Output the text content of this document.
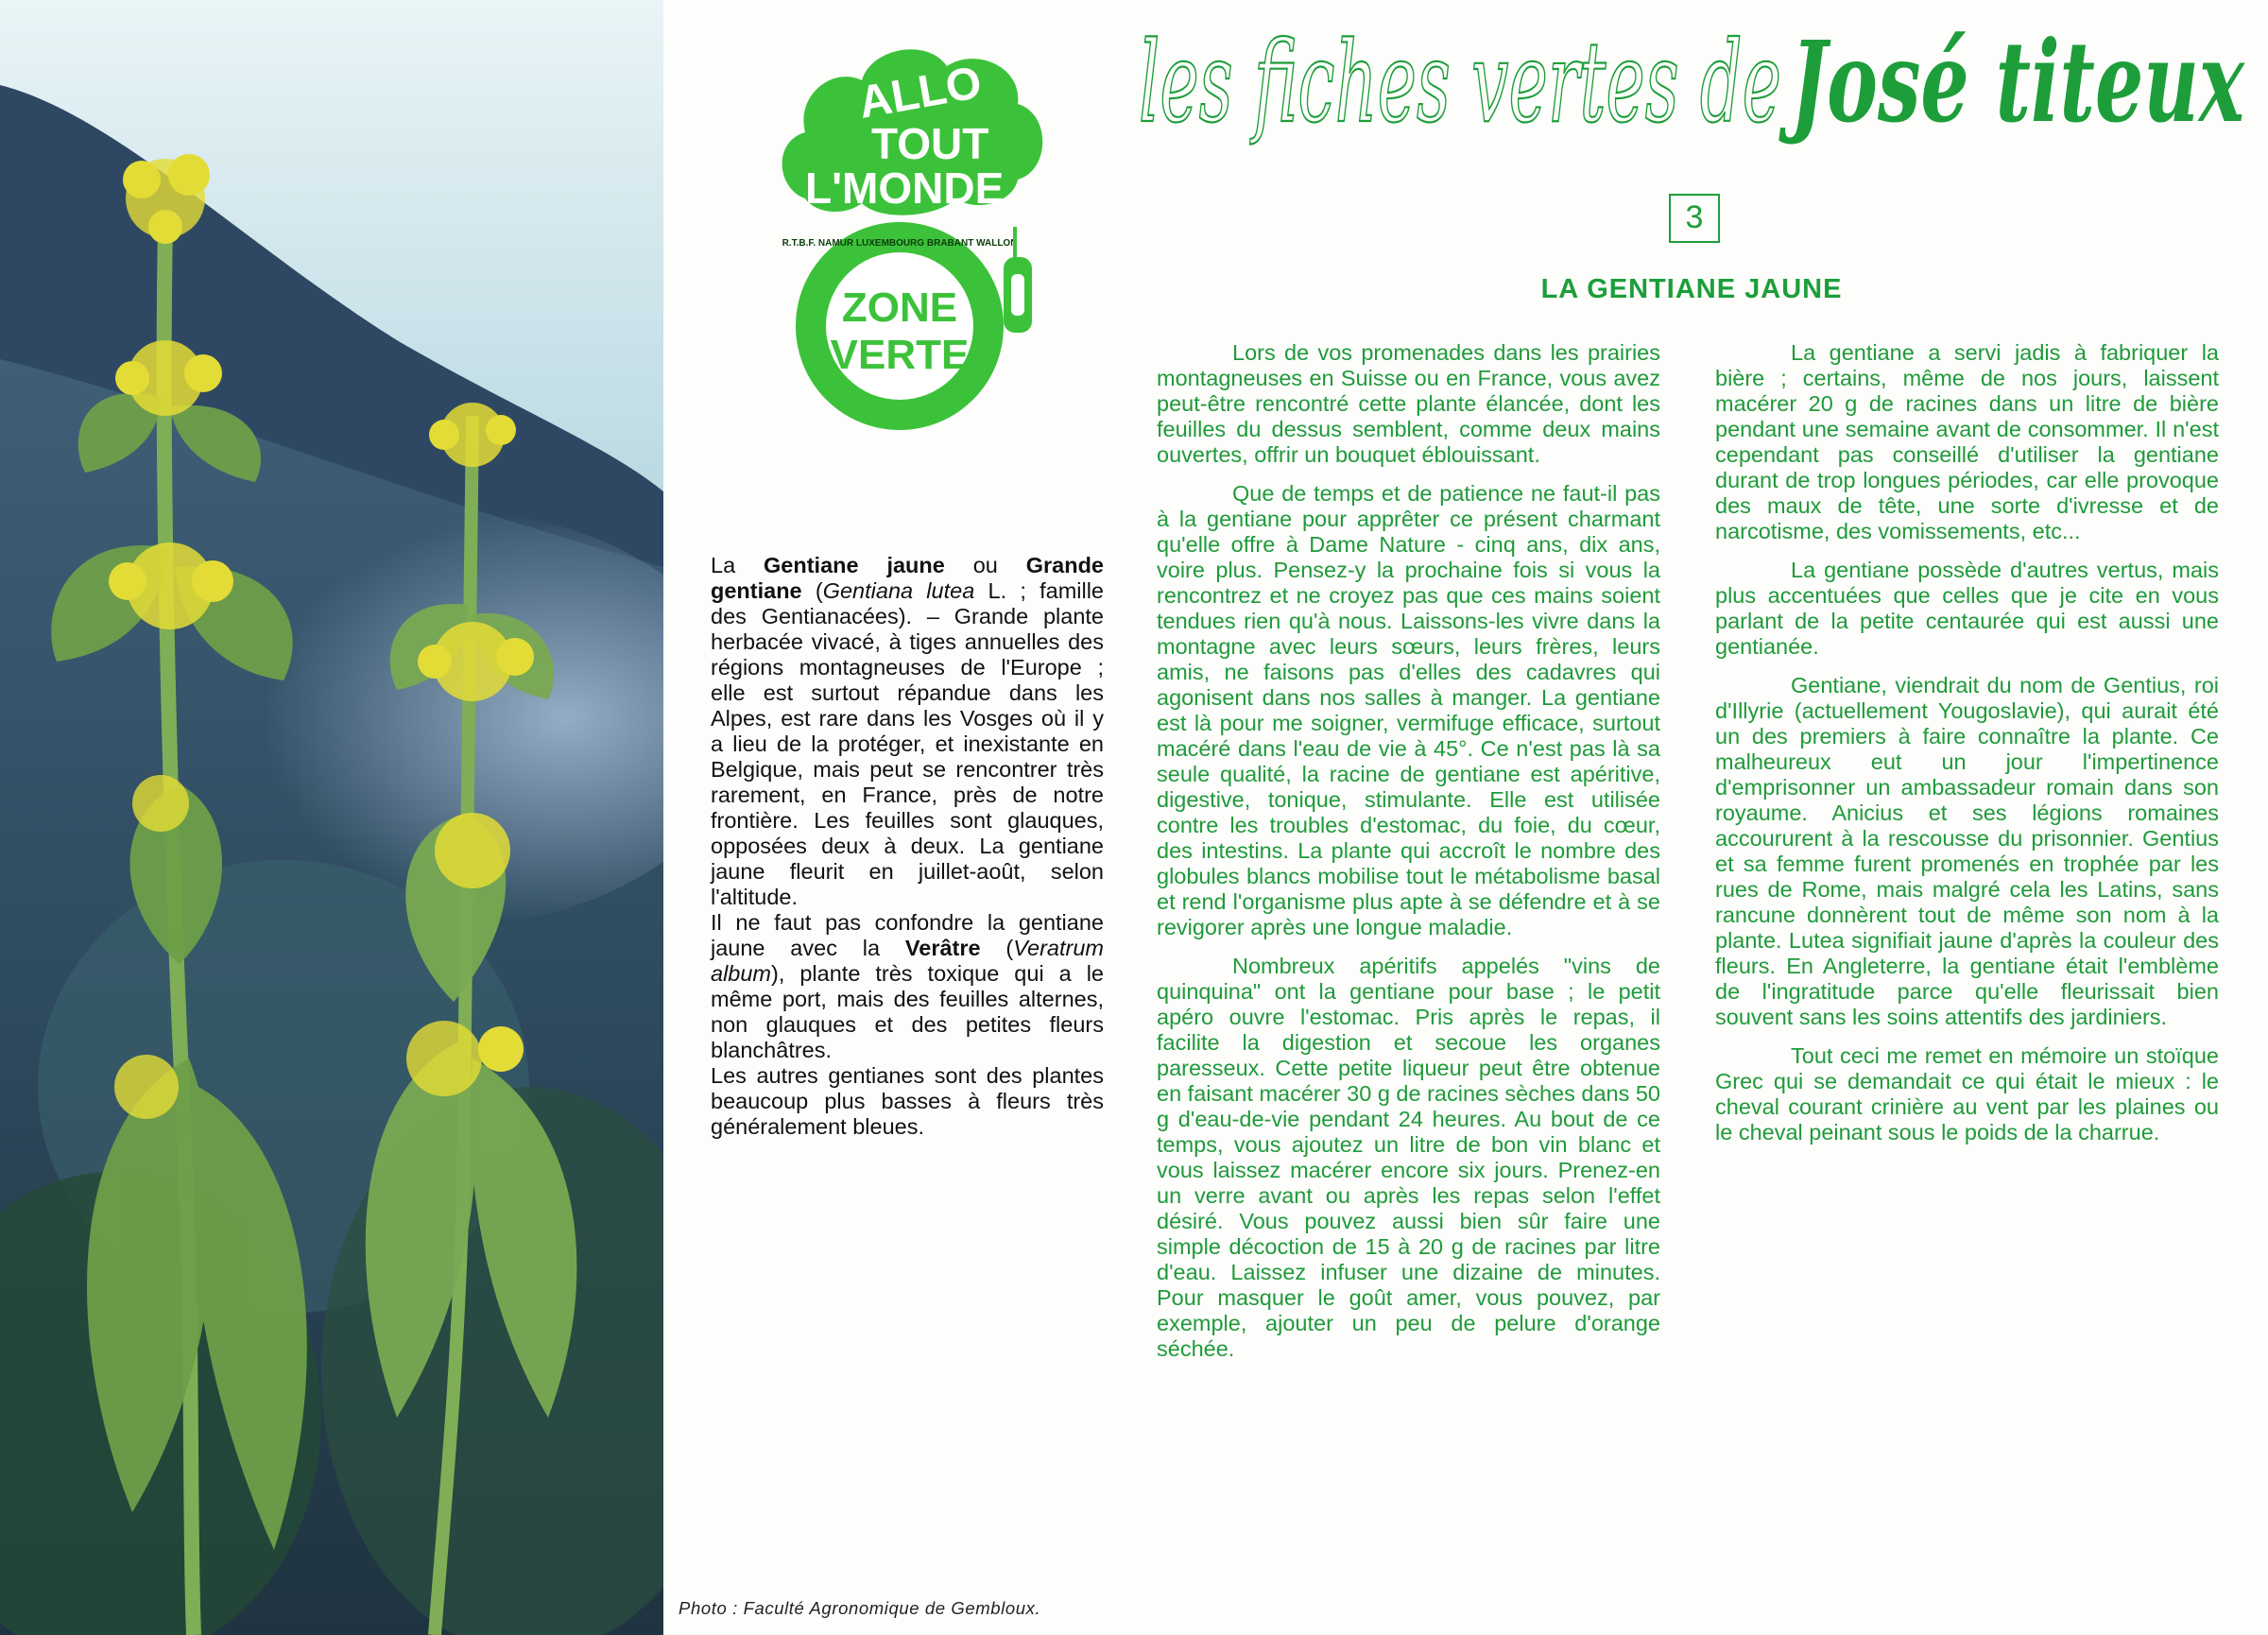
ALLO
TOUT
L'MONDE
R.T.B.F. NAMUR LUXEMBOURG BRABANT WALLON
ZONE
VERTE
les fiches vertes de
José titeux
3
LA GENTIANE JAUNE

La Gentiane jaune ou Grande gentiane (Gentiana lutea L. ; famille des Gentianacées). – Grande plante herbacée vivacé, à tiges annuelles des régions montagneuses de l'Europe ; elle est surtout répandue dans les Alpes, est rare dans les Vosges où il y a lieu de la protéger, et inexistante en Belgique, mais peut se rencontrer très rarement, en France, près de notre frontière. Les feuilles sont glauques, opposées deux à deux. La gentiane jaune fleurit en juillet-août, selon l'altitude.

Il ne faut pas confondre la gentiane jaune avec la Verâtre (Veratrum album), plante très toxique qui a le même port, mais des feuilles alternes, non glauques et des petites fleurs blanchâtres.

Les autres gentianes sont des plantes beaucoup plus basses à fleurs très généralement bleues.

Lors de vos promenades dans les prairies montagneuses en Suisse ou en France, vous avez peut-être rencontré cette plante élancée, dont les feuilles du dessus semblent, comme deux mains ouvertes, offrir un bouquet éblouissant.

Que de temps et de patience ne faut-il pas à la gentiane pour apprêter ce présent charmant qu'elle offre à Dame Nature - cinq ans, dix ans, voire plus. Pensez-y la prochaine fois si vous la rencontrez et ne croyez pas que ces mains soient tendues rien qu'à nous. Laissons-les vivre dans la montagne avec leurs sœurs, leurs frères, leurs amis, ne faisons pas d'elles des cadavres qui agonisent dans nos salles à manger. La gentiane est là pour me soigner, vermifuge efficace, surtout macéré dans l'eau de vie à 45°. Ce n'est pas là sa seule qualité, la racine de gentiane est apéritive, digestive, tonique, stimulante. Elle est utilisée contre les troubles d'estomac, du foie, du cœur, des intestins. La plante qui accroît le nombre des globules blancs mobilise tout le métabolisme basal et rend l'organisme plus apte à se défendre et à se revigorer après une longue maladie.

Nombreux apéritifs appelés "vins de quinquina" ont la gentiane pour base ; le petit apéro ouvre l'estomac. Pris après le repas, il facilite la digestion et secoue les organes paresseux. Cette petite liqueur peut être obtenue en faisant macérer 30 g de racines sèches dans 50 g d'eau-de-vie pendant 24 heures. Au bout de ce temps, vous ajoutez un litre de bon vin blanc et vous laissez macérer encore six jours. Prenez-en un verre avant ou après les repas selon l'effet désiré. Vous pouvez aussi bien sûr faire une simple décoction de 15 à 20 g de racines par litre d'eau. Laissez infuser une dizaine de minutes. Pour masquer le goût amer, vous pouvez, par exemple, ajouter un peu de pelure d'orange séchée.

La gentiane a servi jadis à fabriquer la bière ; certains, même de nos jours, laissent macérer 20 g de racines dans un litre de bière pendant une semaine avant de consommer. Il n'est cependant pas conseillé d'utiliser la gentiane durant de trop longues périodes, car elle provoque des maux de tête, une sorte d'ivresse et de narcotisme, des vomissements, etc...

La gentiane possède d'autres vertus, mais plus accentuées que celles que je cite en vous parlant de la petite centaurée qui est aussi une gentianée.

Gentiane, viendrait du nom de Gentius, roi d'Illyrie (actuellement Yougoslavie), qui aurait été un des premiers à faire connaître la plante. Ce malheureux eut un jour l'impertinence d'emprisonner un ambassadeur romain dans son royaume. Anicius et ses légions romaines accoururent à la rescousse du prisonnier. Gentius et sa femme furent promenés en trophée par les rues de Rome, mais malgré cela les Latins, sans rancune donnèrent tout de même son nom à la plante. Lutea signifiait jaune d'après la couleur des fleurs. En Angleterre, la gentiane était l'emblème de l'ingratitude parce qu'elle fleurissait bien souvent sans les soins attentifs des jardiniers.

Tout ceci me remet en mémoire un stoïque Grec qui se demandait ce qui était le mieux : le cheval courant crinière au vent par les plaines ou le cheval peinant sous le poids de la charrue.

Photo : Faculté Agronomique de Gembloux.
